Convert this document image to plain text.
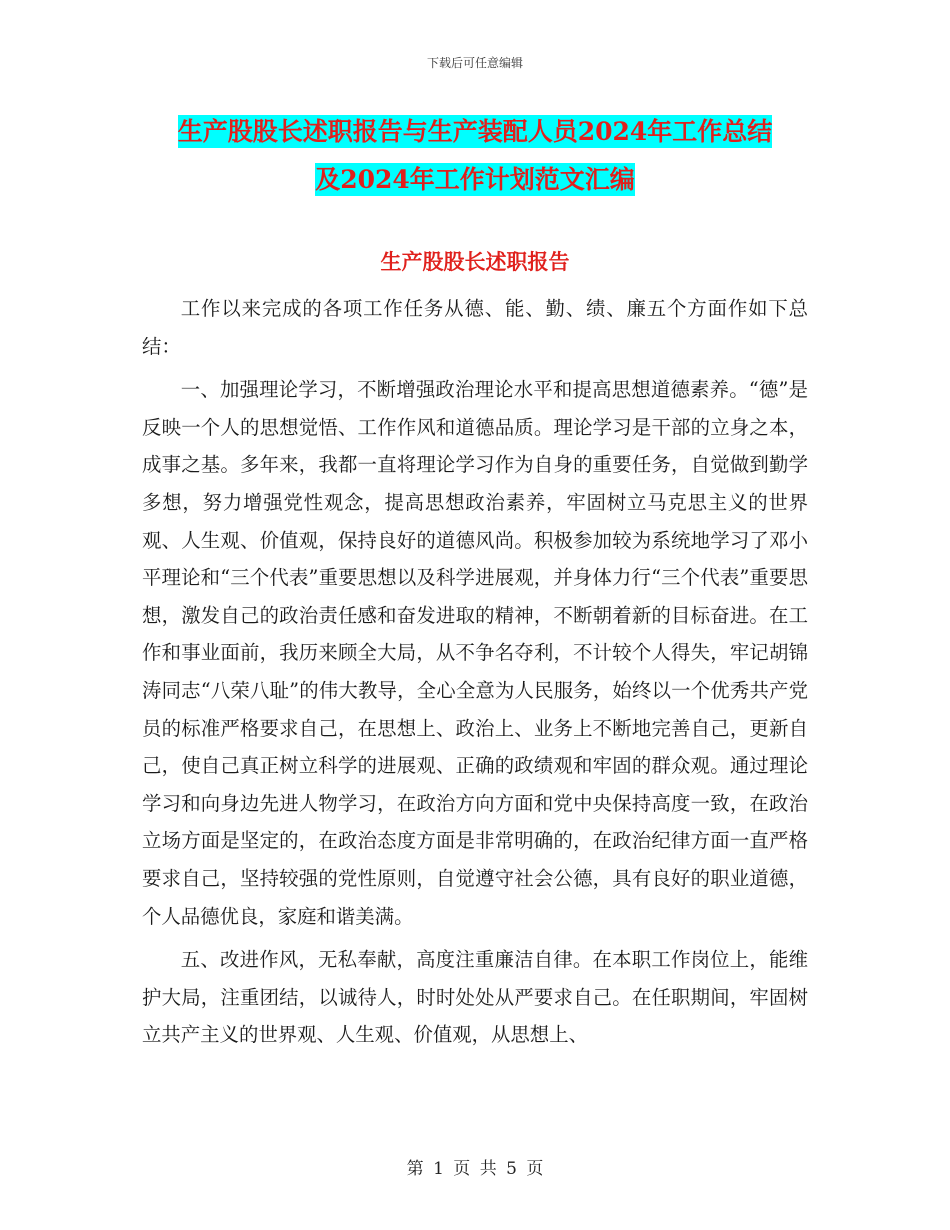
下载后可任意编辑
生产股股长述职报告与生产装配人员2024年工作总结
及2024年工作计划范文汇编
生产股股长述职报告

工作以来完成的各项工作任务从德、能、勤、绩、廉五个方面作如下总结：

一、加强理论学习，不断增强政治理论水平和提高思想道德素养。“德”是反映一个人的思想觉悟、工作作风和道德品质。理论学习是干部的立身之本，成事之基。多年来，我都一直将理论学习作为自身的重要任务，自觉做到勤学多想，努力增强党性观念，提高思想政治素养，牢固树立马克思主义的世界观、人生观、价值观，保持良好的道德风尚。积极参加较为系统地学习了邓小平理论和“三个代表”重要思想以及科学进展观，并身体力行“三个代表”重要思想，激发自己的政治责任感和奋发进取的精神，不断朝着新的目标奋进。在工作和事业面前，我历来顾全大局，从不争名夺利，不计较个人得失，牢记胡锦涛同志“八荣八耻”的伟大教导，全心全意为人民服务，始终以一个优秀共产党员的标准严格要求自己，在思想上、政治上、业务上不断地完善自己，更新自己，使自己真正树立科学的进展观、正确的政绩观和牢固的群众观。通过理论学习和向身边先进人物学习，在政治方向方面和党中央保持高度一致，在政治立场方面是坚定的，在政治态度方面是非常明确的，在政治纪律方面一直严格要求自己，坚持较强的党性原则，自觉遵守社会公德，具有良好的职业道德，个人品德优良，家庭和谐美满。

五、改进作风，无私奉献，高度注重廉洁自律。在本职工作岗位上，能维护大局，注重团结，以诚待人，时时处处从严要求自己。在任职期间，牢固树立共产主义的世界观、人生观、价值观，从思想上、

第 1 页 共 5 页
